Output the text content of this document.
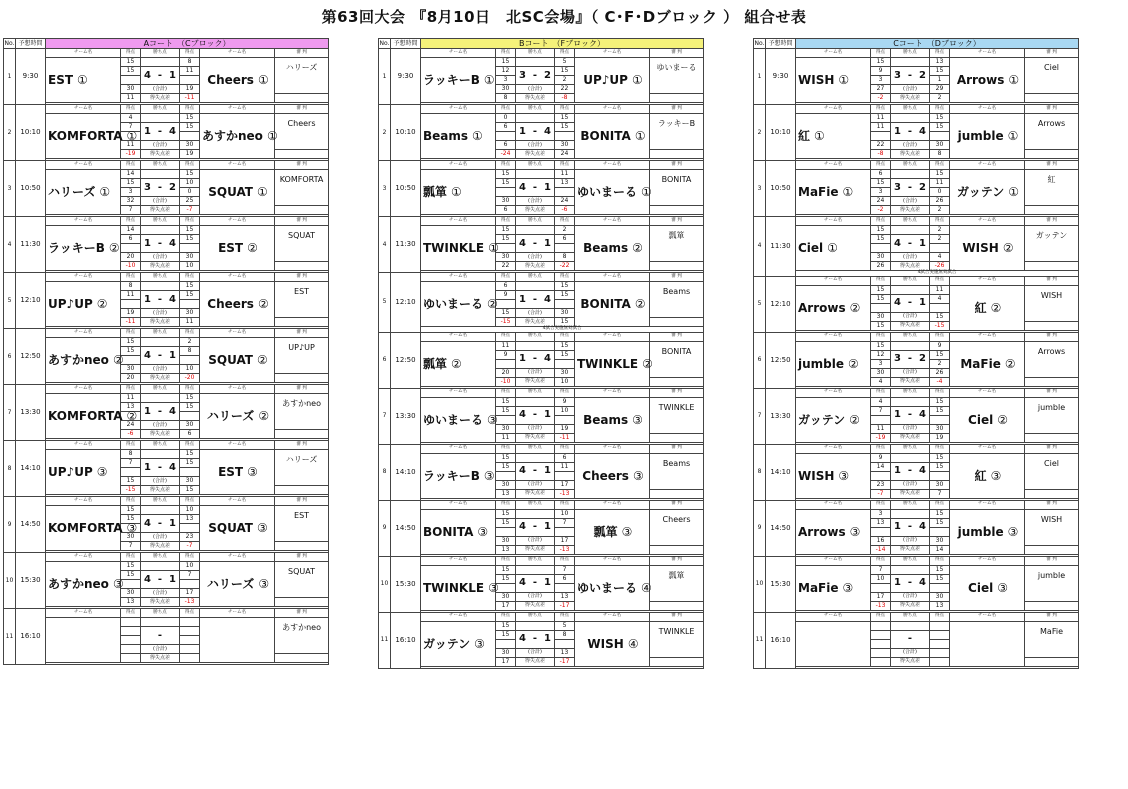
第63回大会 『8月10日　北SC会場』（ C･F･Dブロック ） 組合せ表
No.	予想時間	Aコート　（Cブロック）					
1	9:30	チーム名	得点	勝ち点	得点	チーム名	審 判
		EST ①	15		8	Cheers ①	ハリーズ
			15	4  -  1	11		

			30	(合計)	19		
			11	得失点差	-11		

2	10:10	チーム名	得点	勝ち点	得点	チーム名	審 判
		KOMFORTA ①	4		15	あすかneo ①	Cheers
			7	1  -  4	15		

			11	(合計)	30		
			-19	得失点差	19		

3	10:50	チーム名	得点	勝ち点	得点	チーム名	審 判
		ハリーズ ①	14		15	SQUAT ①	KOMFORTA
			15	3  -  2	10		
			3		0		
			32	(合計)	25		
			7	得失点差	-7		

4	11:30	チーム名	得点	勝ち点	得点	チーム名	審 判
		ラッキーB ②	14		15	EST ②	SQUAT
			6	1  -  4	15		

			20	(合計)	30		
			-10	得失点差	10		

5	12:10	チーム名	得点	勝ち点	得点	チーム名	審 判
		UP♪UP ②	8		15	Cheers ②	EST
			11	1  -  4	15		

			19	(合計)	30		
			-11	得失点差	11		

6	12:50	チーム名	得点	勝ち点	得点	チーム名	審 判
		あすかneo ②	15		2	SQUAT ②	UP♪UP
			15	4  -  1	8		

			30	(合計)	10		
			20	得失点差	-20		

7	13:30	チーム名	得点	勝ち点	得点	チーム名	審 判
		KOMFORTA ②	11		15	ハリーズ ②	あすかneo
			13	1  -  4	15		

			24	(合計)	30		
			-6	得失点差	6		

8	14:10	チーム名	得点	勝ち点	得点	チーム名	審 判
		UP♪UP ③	8		15	EST ③	ハリーズ
			7	1  -  4	15		

			15	(合計)	30		
			-15	得失点差	15		

9	14:50	チーム名	得点	勝ち点	得点	チーム名	審 判
		KOMFORTA ③	15		10	SQUAT ③	EST
			15	4  -  1	13		

			30	(合計)	23		
			7	得失点差	-7		

10	15:30	チーム名	得点	勝ち点	得点	チーム名	審 判
		あすかneo ③	15		10	ハリーズ ③	SQUAT
			15	4  -  1	7		

			30	(合計)	17		
			13	得失点差	-13		

11	16:10	チーム名	得点	勝ち点	得点	チーム名	審 判
							あすかneo
				-			

				(合計)			
				得失点差			

No.	予想時間	Bコート　（Fブロック）					
1	9:30	チーム名	得点	勝ち点	得点	チーム名	審 判
		ラッキーB ①	15		5	UP♪UP ①	ゆいまーる
			12	3  -  2	15		
			3		2		
			30	(合計)	22		
			8	得失点差	-8		

2	10:10	チーム名	得点	勝ち点	得点	チーム名	審 判
		Beams ①	0		15	BONITA ①	ラッキーB
			6	1  -  4	15		

			6	(合計)	30		
			-24	得失点差	24		

3	10:50	チーム名	得点	勝ち点	得点	チーム名	審 判
		瓢箪 ①	15		11	ゆいまーる ①	BONITA
			15	4  -  1	13		

			30	(合計)	24		
			6	得失点差	-6		

4	11:30	チーム名	得点	勝ち点	得点	チーム名	審 判
		TWINKLE ①	15		2	Beams ②	瓢箪
			15	4  -  1	6		

			30	(合計)	8		
			22	得失点差	-22		

5	12:10	チーム名	得点	勝ち点	得点	チーム名	審 判
		ゆいまーる ②	6		15	BONITA ②	Beams
			9	1  -  4	15		

			15	(合計)	30		
			-15	得失点差	15		
		4試合実施無効試合					
6	12:50	チーム名	得点	勝ち点	得点	チーム名	審 判
		瓢箪 ②	11		15	TWINKLE ②	BONITA
			9	1  -  4	15		

			20	(合計)	30		
			-10	得失点差	10		

7	13:30	チーム名	得点	勝ち点	得点	チーム名	審 判
		ゆいまーる ③	15		9	Beams ③	TWINKLE
			15	4  -  1	10		

			30	(合計)	19		
			11	得失点差	-11		

8	14:10	チーム名	得点	勝ち点	得点	チーム名	審 判
		ラッキーB ③	15		6	Cheers ③	Beams
			15	4  -  1	11		

			30	(合計)	17		
			13	得失点差	-13		

9	14:50	チーム名	得点	勝ち点	得点	チーム名	審 判
		BONITA ③	15		10	瓢箪 ③	Cheers
			15	4  -  1	7		

			30	(合計)	17		
			13	得失点差	-13		

10	15:30	チーム名	得点	勝ち点	得点	チーム名	審 判
		TWINKLE ③	15		7	ゆいまーる ④	瓢箪
			15	4  -  1	6		

			30	(合計)	13		
			17	得失点差	-17		

11	16:10	チーム名	得点	勝ち点	得点	チーム名	審 判
		ガッテン ③	15		5	WISH ④	TWINKLE
			15	4  -  1	8		

			30	(合計)	13		
			17	得失点差	-17		

No.	予想時間	Cコート　（Dブロック）					
1	9:30	チーム名	得点	勝ち点	得点	チーム名	審 判
		WISH ①	15		13	Arrows ①	Ciel
			9	3  -  2	15		
			3		1		
			27	(合計)	29		
			-2	得失点差	2		

2	10:10	チーム名	得点	勝ち点	得点	チーム名	審 判
		紅 ①	11		15	jumble ①	Arrows
			11	1  -  4	15		

			22	(合計)	30		
			-8	得失点差	8		

3	10:50	チーム名	得点	勝ち点	得点	チーム名	審 判
		MaFie ①	6		15	ガッテン ①	紅
			15	3  -  2	11		
			3		0		
			24	(合計)	26		
			-2	得失点差	2		

4	11:30	チーム名	得点	勝ち点	得点	チーム名	審 判
		Ciel ①	15		2	WISH ②	ガッテン
			15	4  -  1	2		

			30	(合計)	4		
			26	得失点差	-26		
		4試合実施無効試合					
5	12:10	チーム名	得点	勝ち点	得点	チーム名	審 判
		Arrows ②	15		11	紅 ②	WISH
			15	4  -  1	4		

			30	(合計)	15		
			15	得失点差	-15		

6	12:50	チーム名	得点	勝ち点	得点	チーム名	審 判
		jumble ②	15		9	MaFie ②	Arrows
			12	3  -  2	15		
			3		2		
			30	(合計)	26		
			4	得失点差	-4		

7	13:30	チーム名	得点	勝ち点	得点	チーム名	審 判
		ガッテン ②	4		15	Ciel ②	jumble
			7	1  -  4	15		

			11	(合計)	30		
			-19	得失点差	19		

8	14:10	チーム名	得点	勝ち点	得点	チーム名	審 判
		WISH ③	9		15	紅 ③	Ciel
			14	1  -  4	15		

			23	(合計)	30		
			-7	得失点差	7		

9	14:50	チーム名	得点	勝ち点	得点	チーム名	審 判
		Arrows ③	3		15	jumble ③	WISH
			13	1  -  4	15		

			16	(合計)	30		
			-14	得失点差	14		

10	15:30	チーム名	得点	勝ち点	得点	チーム名	審 判
		MaFie ③	7		15	Ciel ③	jumble
			10	1  -  4	15		

			17	(合計)	30		
			-13	得失点差	13		

11	16:10	チーム名	得点	勝ち点	得点	チーム名	審 判
							MaFie
				-			

				(合計)			
				得失点差			
